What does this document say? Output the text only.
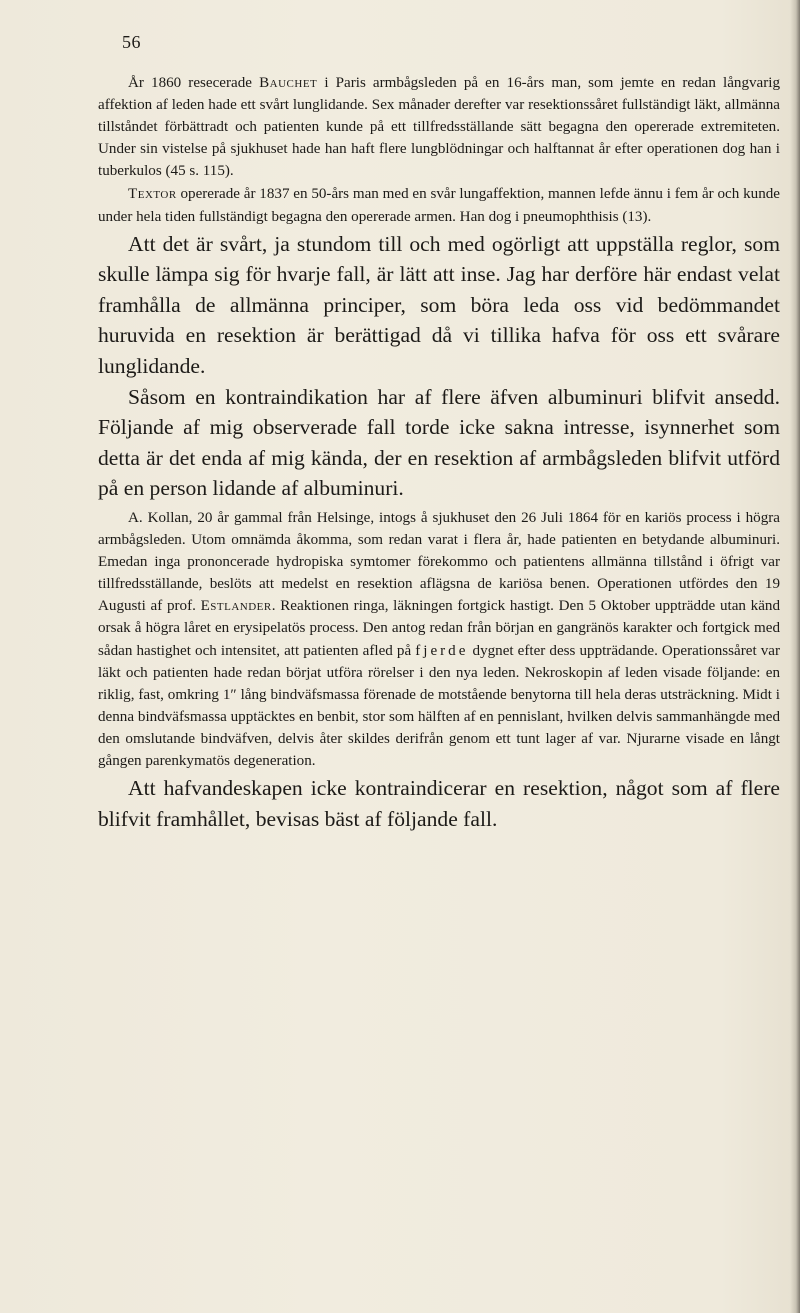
56

År 1860 resecerade Bauchet i Paris armbågsleden på en 16-års man, som jemte en redan långvarig affektion af leden hade ett svårt lunglidande. Sex månader derefter var resektionssåret fullständigt läkt, allmänna tillståndet förbättradt och patienten kunde på ett tillfredsställande sätt begagna den opererade extremiteten. Under sin vistelse på sjukhuset hade han haft flere lungblödningar och halftannat år efter operationen dog han i tuberkulos (45 s. 115).

Textor opererade år 1837 en 50-års man med en svår lungaffektion, mannen lefde ännu i fem år och kunde under hela tiden fullständigt begagna den opererade armen. Han dog i pneumophthisis (13).

Att det är svårt, ja stundom till och med ogörligt att uppställa reglor, som skulle lämpa sig för hvarje fall, är lätt att inse. Jag har derföre här endast velat framhålla de allmänna principer, som böra leda oss vid bedömmandet huruvida en resektion är berättigad då vi tillika hafva för oss ett svårare lunglidande.

Såsom en kontraindikation har af flere äfven albuminuri blifvit ansedd. Följande af mig observerade fall torde icke sakna intresse, isynnerhet som detta är det enda af mig kända, der en resektion af armbågsleden blifvit utförd på en person lidande af albuminuri.

A. Kollan, 20 år gammal från Helsinge, intogs å sjukhuset den 26 Juli 1864 för en kariös process i högra armbågsleden. Utom omnämda åkomma, som redan varat i flera år, hade patienten en betydande albuminuri. Emedan inga prononcerade hydropiska symtomer förekommo och patientens allmänna tillstånd i öfrigt var tillfredsställande, beslöts att medelst en resektion aflägsna de kariösa benen. Operationen utfördes den 19 Augusti af prof. Estlander. Reaktionen ringa, läkningen fortgick hastigt. Den 5 Oktober uppträdde utan känd orsak å högra låret en erysipelatös process. Den antog redan från början en gangränös karakter och fortgick med sådan hastighet och intensitet, att patienten afled på fjerde dygnet efter dess uppträdande. Operationssåret var läkt och patienten hade redan börjat utföra rörelser i den nya leden. Nekroskopin af leden visade följande: en riklig, fast, omkring 1″ lång bindväfsmassa förenade de motstående benytorna till hela deras utsträckning. Midt i denna bindväfsmassa upptäcktes en benbit, stor som hälften af en pennislant, hvilken delvis sammanhängde med den omslutande bindväfven, delvis åter skildes derifrån genom ett tunt lager af var. Njurarne visade en långt gången parenkymatös degeneration.

Att hafvandeskapen icke kontraindicerar en resektion, något som af flere blifvit framhållet, bevisas bäst af följande fall.
